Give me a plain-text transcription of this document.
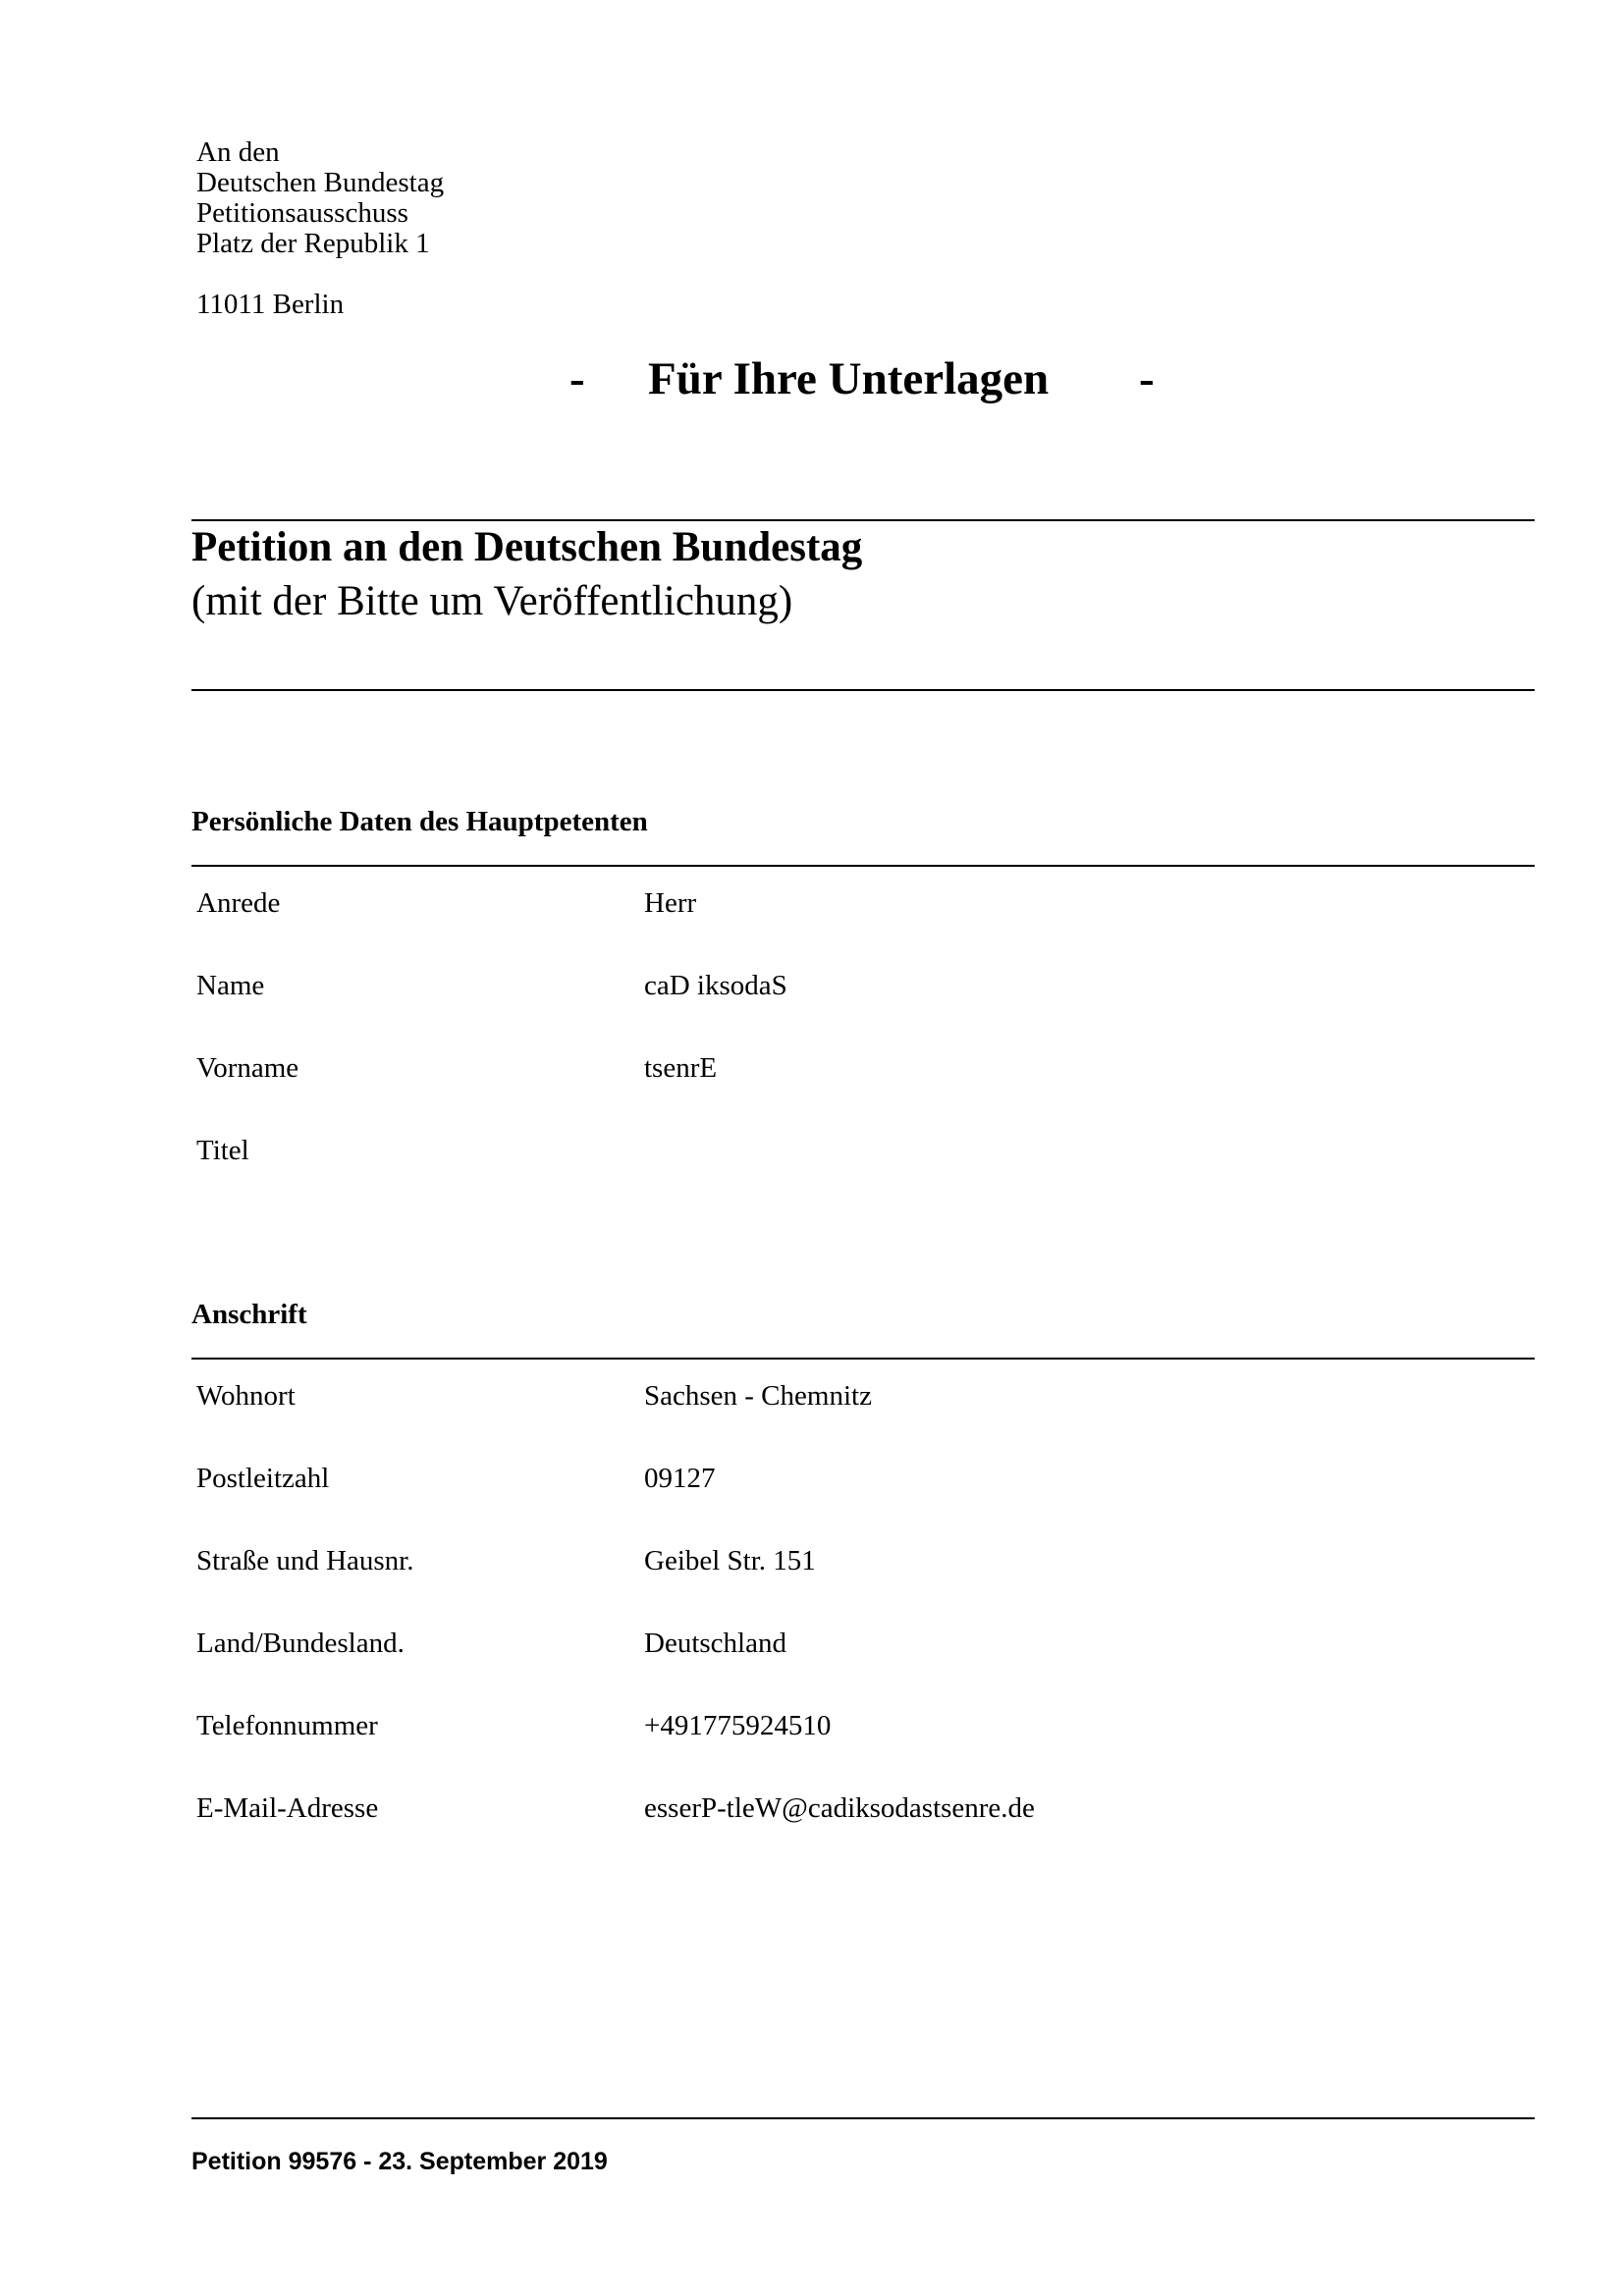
An den
Deutschen Bundestag
Petitionsausschuss
Platz der Republik 1
11011 Berlin
- Für Ihre Unterlagen -
Petition an den Deutschen Bundestag
(mit der Bitte um Veröffentlichung)
Persönliche Daten des Hauptpetenten
Anrede	Herr
Name	caD iksodaS
Vorname	tsenrE
Titel
Anschrift
Wohnort	Sachsen - Chemnitz
Postleitzahl	09127
Straße und Hausnr.	Geibel Str. 151
Land/Bundesland.	Deutschland
Telefonnummer	+491775924510
E-Mail-Adresse	esserP-tleW@cadiksodastsenre.de
Petition 99576 - 23. September 2019
